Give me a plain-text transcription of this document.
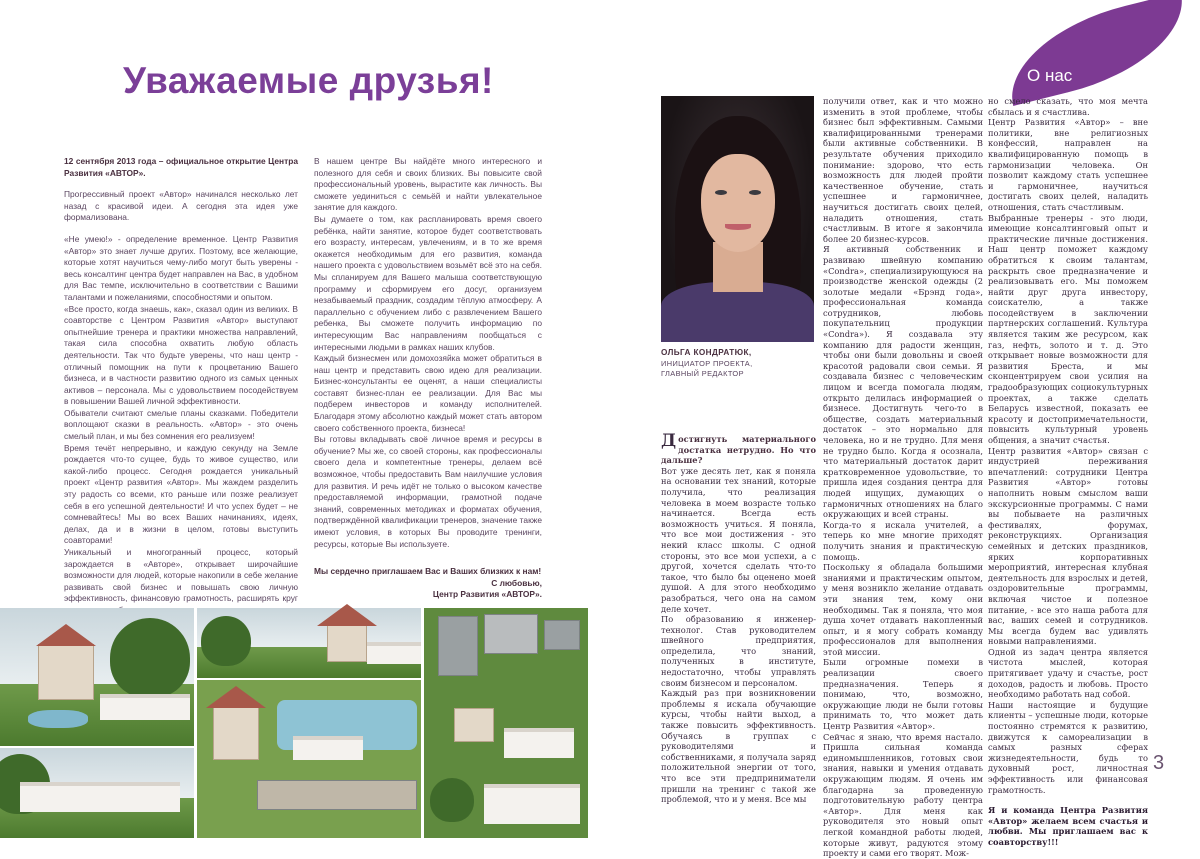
Уважаемые друзья!

12 сентября 2013 года – официальное открытие Центра Развития «АВТОР».

Прогрессивный проект «Автор» начинался несколько лет назад с красивой идеи. А сегодня эта идея уже формализована.

«Не умею!» - определение временное. Центр Развития «Автор» это знает лучше других. Поэтому, все желающие, которые хотят научиться чему-либо могут быть уверены - весь консалтинг центра будет направлен на Вас, в удобном для Вас темпе, исключительно в соответствии с Вашими талантами и пожеланиями, способностями и опытом.

«Все просто, когда знаешь, как», сказал один из великих. В соавторстве с Центром Развития «Автор» выступают опытнейшие тренера и практики множества направлений, такая сила способна охватить любую область деятельности. Так что будьте уверены, что наш центр - отличный помощник на пути к процветанию Вашего бизнеса, и в частности развитию одного из самых ценных активов – персонала. Мы с удовольствием посодействуем в повышении Вашей личной эффективности.

Обыватели считают смелые планы сказками. Победители воплощают сказки в реальность. «Автор» - это очень смелый план, и мы без сомнения его реализуем!

Время течёт непрерывно, и каждую секунду на Земле рождается что-то сущее, будь то живое существо, или какой-либо процесс. Сегодня рождается уникальный проект «Центр развития «Автор». Мы жаждем разделить эту радость со всеми, кто раньше или позже реализует себя в его успешной деятельности! И что успех будет – не сомневайтесь! Мы во всех Ваших начинаниях, идеях, делах, да и в жизни в целом, готовы выступить соавторами!

Уникальный и многогранный процесс, который зарождается в «Авторе», открывает широчайшие возможности для людей, которые накопили в себе желание развивать свой бизнес и повышать свою личную эффективность, финансовую грамотность, расширять круг

В нашем центре Вы найдёте много интересного и полезного для себя и своих близких. Вы повысите свой профессиональный уровень, вырастите как личность. Вы сможете уединиться с семьёй и найти увлекательное занятие для каждого.

Вы думаете о том, как распланировать время своего ребёнка, найти занятие, которое будет соответствовать его возрасту, интересам, увлечениям, и в то же время окажется необходимым для его развития, команда нашего проекта с удовольствием возьмёт всё это на себя. Мы спланируем для Вашего малыша соответствующую программу и сформируем его досуг, организуем незабываемый праздник, создадим тёплую атмосферу. А параллельно с обучением либо с развлечением Вашего ребенка, Вы сможете получить информацию по интересующим Вас направлениям пообщаться с интересными людьми в рамках наших клубов.

Каждый бизнесмен или домохозяйка может обратиться в наш центр и представить свою идею для реализации. Бизнес-консультанты ее оценят, а наши специалисты составят бизнес-план ее реализации. Для Вас мы подберем инвесторов и команду исполнителей. Благодаря этому абсолютно каждый может стать автором своего собственного проекта, бизнеса!

Вы готовы вкладывать своё личное время и ресурсы в обучение? Мы же, со своей стороны, как профессионалы своего дела и компетентные тренеры, делаем всё возможное, чтобы предоставить Вам наилучшие условия для развития. И речь идёт не только о высоком качестве предоставляемой информации, грамотной подаче знаний, современных методиках и форматах обучения, подтверждённой квалификации тренеров, значение также имеют условия, в которых Вы проводите тренинги, ресурсы, которые Вы используете.

Мы сердечно приглашаем Вас и Ваших близких к нам!

С любовью,

Центр Развития «АВТОР».

О нас
ОЛЬГА КОНДРАТЮК,
ИНИЦИАТОР ПРОЕКТА,
ГЛАВНЫЙ РЕДАКТОР

Достигнуть материального достатка нетрудно. Но что дальше?

Вот уже десять лет, как я поняла на основании тех знаний, которые получила, что реализация человека в моем возрасте только начинается. Всегда есть возможность учиться. Я поняла, что все мои достижения - это некий класс школы. С одной стороны, это все мои успехи, а с другой, хочется сделать что-то такое, что было бы оценено моей душой. А для этого необходимо разобраться, чего она на самом деле хочет.

По образованию я инженер-технолог. Став руководителем швейного предприятия, определила, что знаний, полученных в институте, недостаточно, чтобы управлять своим бизнесом и персоналом.

Каждый раз при возникновении проблемы я искала обучающие курсы, чтобы найти выход, а также повысить эффективность. Обучаясь в группах с руководителями и собственниками, я получала заряд положительной энергии от того, что все эти предприниматели пришли на тренинг с такой же проблемой, что и у меня. Все мы

получили ответ, как и что можно изменить в этой проблеме, чтобы бизнес был эффективным. Самыми квалифицированными тренерами были активные собственники. В результате обучения приходило понимание: здорово, что есть возможность для людей пройти качественное обучение, стать успешнее и гармоничнее, научиться достигать своих целей, наладить отношения, стать счастливым. В итоге я закончила более 20 бизнес-курсов.

Я активный собственник и развиваю швейную компанию «Condra», специализирующуюся на производстве женской одежды (2 золотые медали «Брэнд года», профессиональная команда сотрудников, любовь покупательниц продукции «Condra»). Я создавала эту компанию для радости женщин, чтобы они были довольны и своей красотой радовали свои семьи. Я создавала бизнес с человеческим лицом и всегда помогала людям, открыто делилась информацией о бизнесе. Достигнуть чего-то в обществе, создать материальный достаток – это нормально для человека, но и не трудно. Для меня не трудно было. Когда я осознала, что материальный достаток дарит кратковременное удовольствие, то пришла идея создания центра для людей ищущих, думающих о гармоничных отношениях на благо окружающих и всей страны.

Когда-то я искала учителей, а теперь ко мне многие приходят получить знания и практическую помощь.

Поскольку я обладала большими знаниями и практическим опытом, у меня возникло желание отдавать эти знания тем, кому они необходимы. Так я поняла, что моя душа хочет отдавать накопленный опыт, и я могу собрать команду профессионалов для выполнения этой миссии.

Были огромные помехи в реализации своего предназначения. Теперь я понимаю, что, возможно, окружающие люди не были готовы принимать то, что может дать Центр Развития «Автор».

Сейчас я знаю, что время настало. Пришла сильная команда единомышленников, готовых свои знания, навыки и умения отдавать окружающим людям. Я очень им благодарна за проведенную подготовительную работу центра «Автор». Для меня как руководителя это новый опыт легкой командной работы людей, которые живут, радуются этому проекту и сами его творят. Мож-

но смело сказать, что моя мечта сбылась и я счастлива.

Центр Развития «Автор» – вне политики, вне религиозных конфессий, направлен на квалифицированную помощь в гармонизации человека. Он позволит каждому стать успешнее и гармоничнее, научиться достигать своих целей, наладить отношения, стать счастливым.

Выбранные тренеры - это люди, имеющие консалтинговый опыт и практические личные достижения. Наш центр поможет каждому обратиться к своим талантам, раскрыть свое предназначение и реализовывать его. Мы поможем найти друг друга инвестору, соискателю, а также посодействуем в заключении партнерских соглашений. Культура является таким же ресурсом, как газ, нефть, золото и т. д. Это открывает новые возможности для развития Бреста, и мы сконцентрируем свои усилия на градообразующих социокультурных проектах, а также сделать Беларусь известной, показать ее красоту и достопримечательности, повысить культурный уровень общения, а значит счастья.

Центр развития «Автор» связан с индустрией переживания впечатлений: сотрудники Центра Развития «Автор» готовы наполнить новым смыслом ваши экскурсионные программы. С нами вы побываете на различных фестивалях, форумах, реконструкциях. Организация семейных и детских праздников, ярких корпоративных мероприятий, интересная клубная деятельность для взрослых и детей, оздоровительные программы, включая чистое и полезное питание, - все это наша работа для вас, ваших семей и сотрудников. Мы всегда будем вас удивлять новыми направлениями.

Одной из задач центра является чистота мыслей, которая притягивает удачу и счастье, рост доходов, радость и любовь. Просто необходимо работать над собой.

Наши настоящие и будущие клиенты – успешные люди, которые постоянно стремятся к развитию, движутся к самореализации в самых разных сферах жизнедеятельности, будь то духовный рост, личностная эффективность или финансовая грамотность.

Я и команда Центра Развития «Автор» желаем всем счастья и любви. Мы приглашаем вас к соавторству!!!

3
